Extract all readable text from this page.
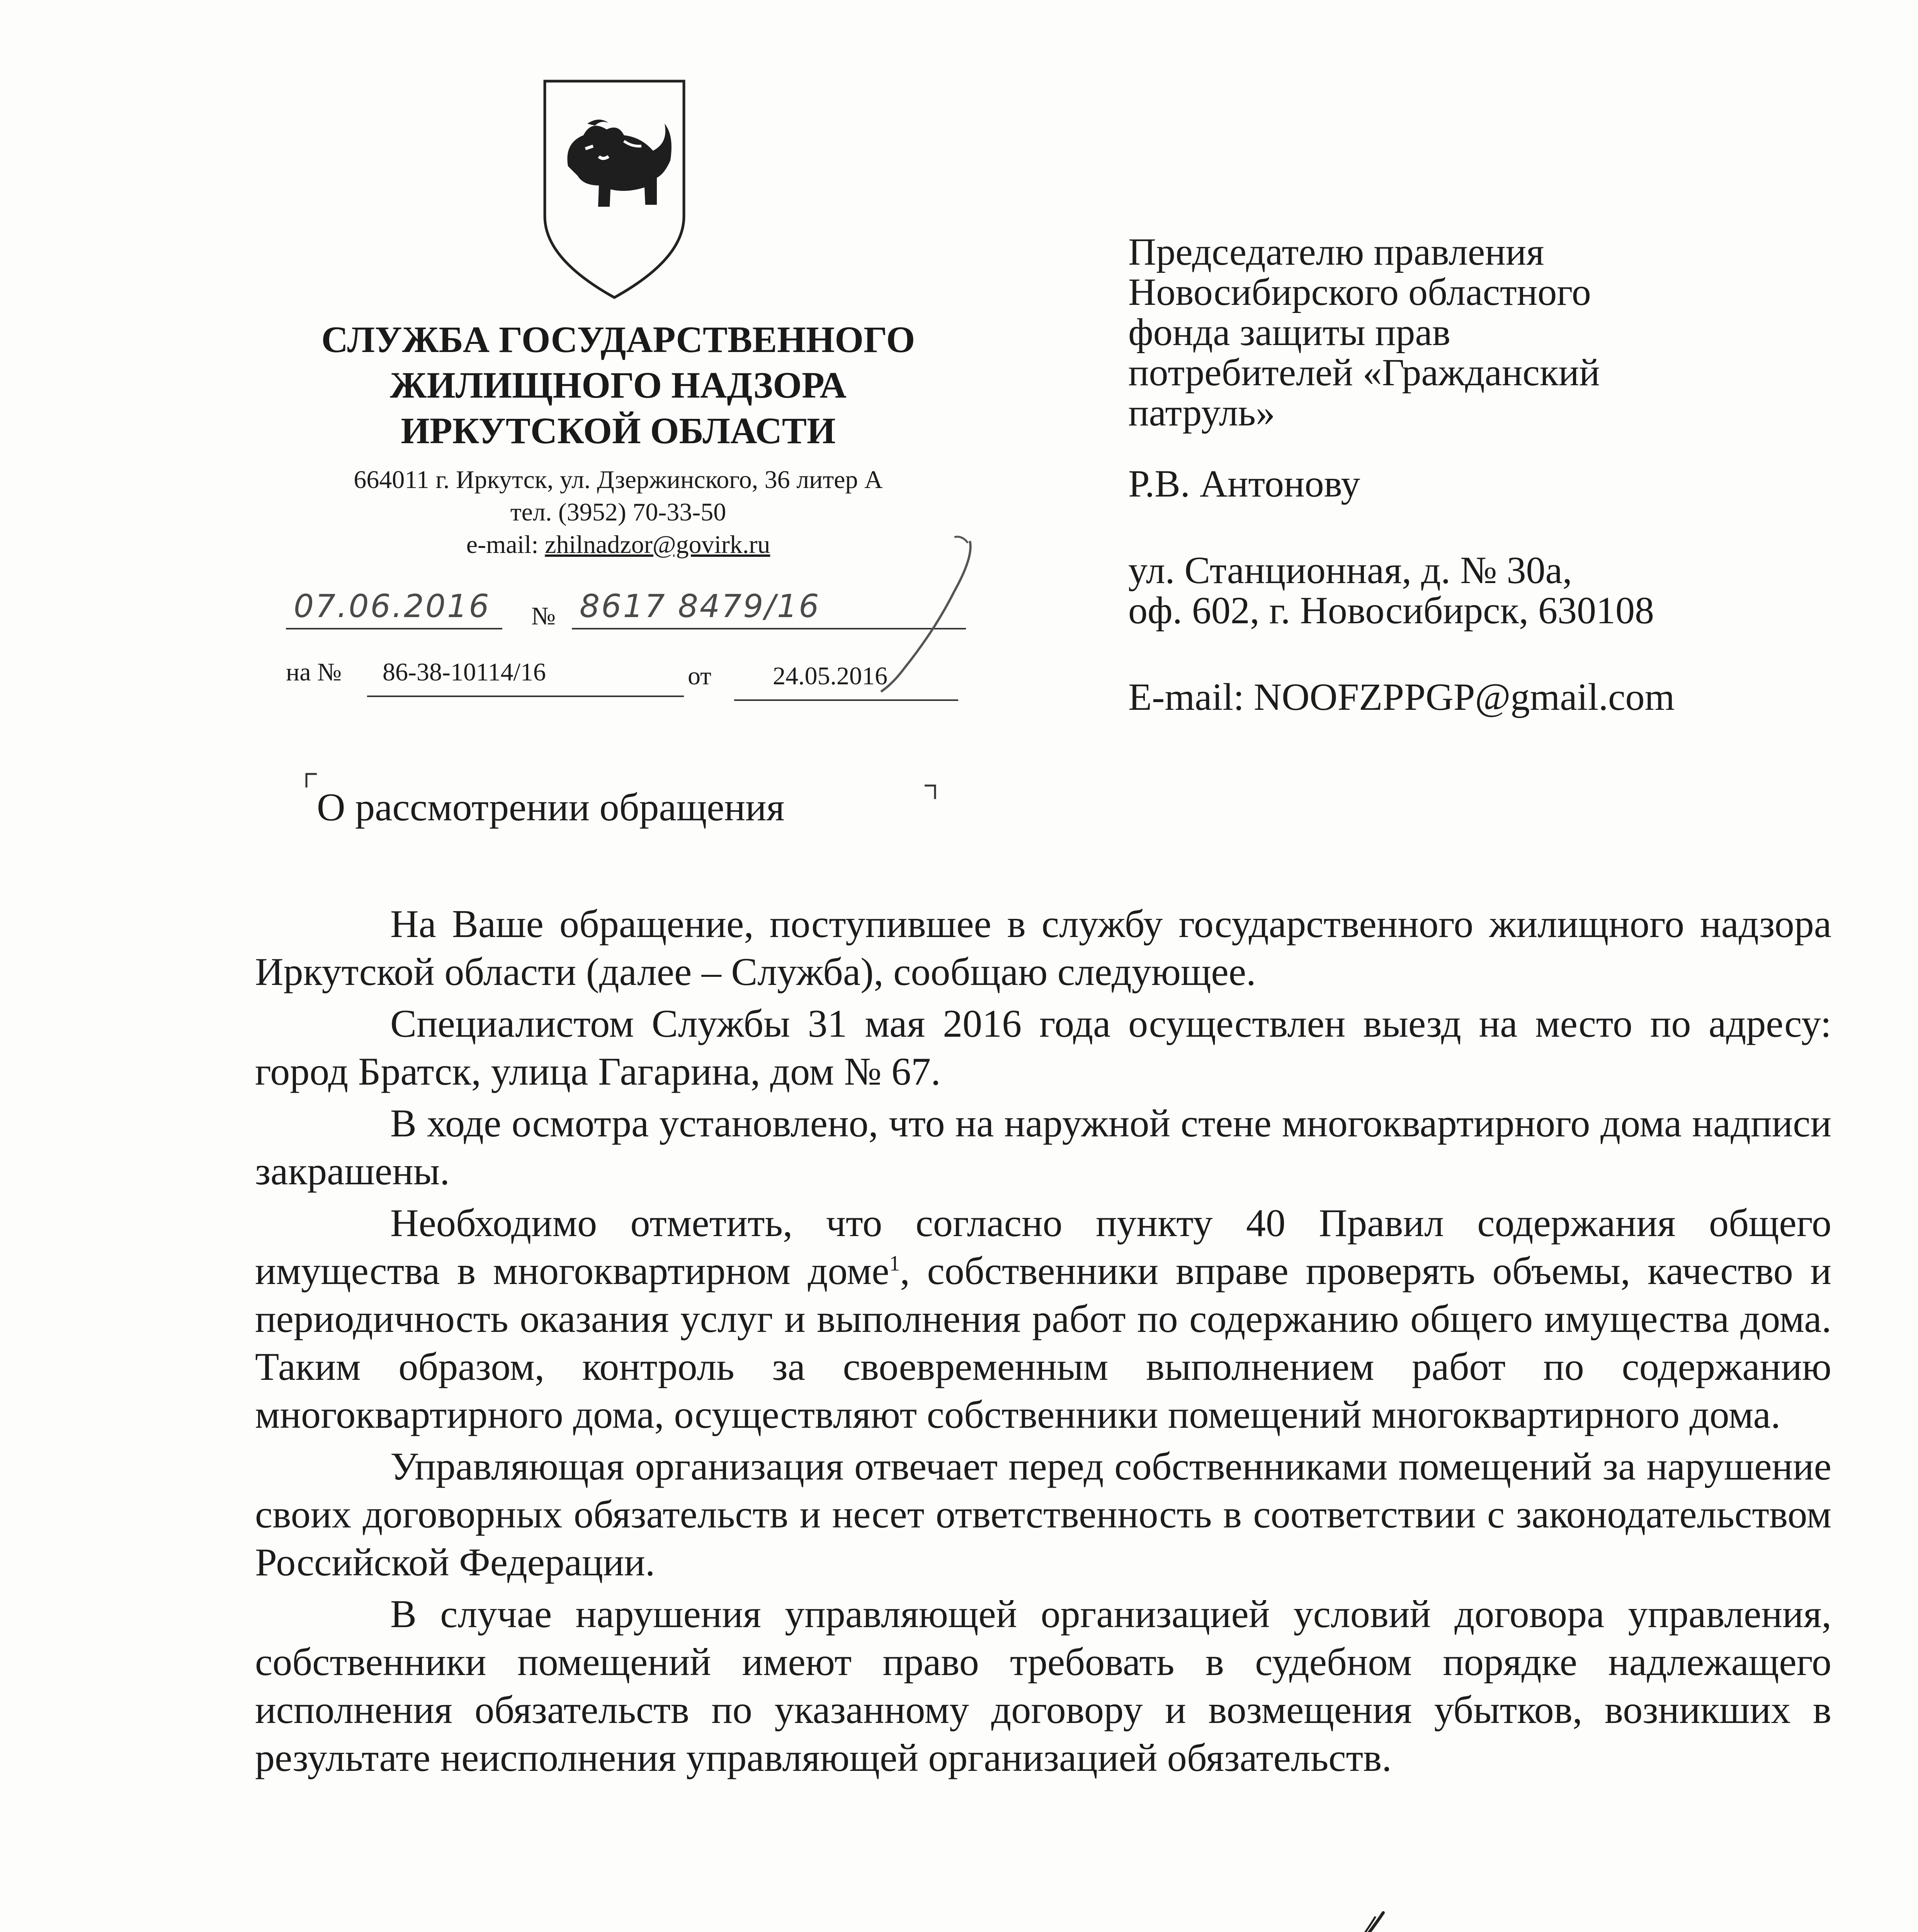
СЛУЖБА ГОСУДАРСТВЕННОГО
ЖИЛИЩНОГО НАДЗОРА
ИРКУТСКОЙ ОБЛАСТИ
664011 г. Иркутск, ул. Дзержинского, 36 литер А
тел. (3952) 70-33-50
e-mail: zhilnadzor@govirk.ru
07.06.2016 № 8617 8479/16
на № 86-38-10114/16	от 24.05.2016
Председателю правления
Новосибирского областного
фонда защиты прав
потребителей «Гражданский
патруль»
Р.В. Антонову
ул. Станционная, д. № 30а,
оф. 602, г. Новосибирск, 630108
E-mail: NOOFZPPGP@gmail.com
О рассмотрении обращения

На Ваше обращение, поступившее в службу государственного жилищного надзора Иркутской области (далее – Служба), сообщаю следующее.

Специалистом Службы 31 мая 2016 года осуществлен выезд на место по адресу: город Братск, улица Гагарина, дом № 67.

В ходе осмотра установлено, что на наружной стене многоквартирного дома надписи закрашены.

Необходимо отметить, что согласно пункту 40 Правил содержания общего имущества в многоквартирном доме$^1$, собственники вправе проверять объемы, качество и периодичность оказания услуг и выполнения работ по содержанию общего имущества дома. Таким образом, контроль за своевременным выполнением работ по содержанию многоквартирного дома, осуществляют собственники помещений многоквартирного дома.

Управляющая организация отвечает перед собственниками помещений за нарушение своих договорных обязательств и несет ответственность в соответствии с законодательством Российской Федерации.

В случае нарушения управляющей организацией условий договора управления, собственники помещений имеют право требовать в судебном порядке надлежащего исполнения обязательств по указанному договору и возмещения убытков, возникших в результате неисполнения управляющей организацией обязательств.
